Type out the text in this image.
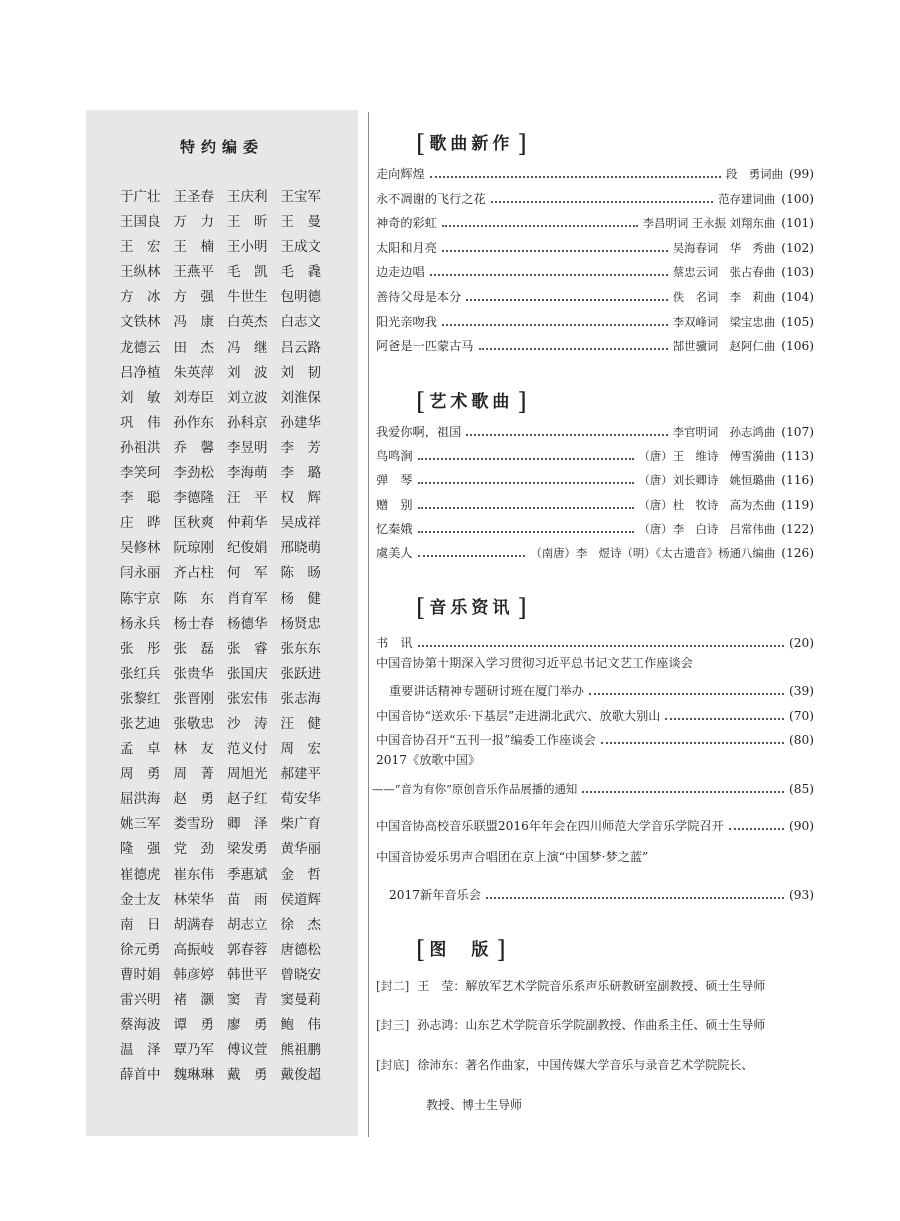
特约编委
于广壮 王圣春 王庆利 王宝军
王国良 万　力 王　昕 王　曼
王　宏 王　楠 王小明 王成文
王纵林 王燕平 毛　凯 毛　毳
方　冰 方　强 牛世生 包明德
文铁林 冯　康 白英杰 白志文
龙德云 田　杰 冯　继 吕云路
吕净植 朱英萍 刘　波 刘　韧
刘　敏 刘寿臣 刘立波 刘淮保
巩　伟 孙作东 孙科京 孙建华
孙祖洪 乔　馨 李昱明 李　芳
李笑珂 李劲松 李海萌 李　璐
李　聪 李德隆 汪　平 权　辉
庄　晔 匡秋爽 仲莉华 吴成祥
吴修林 阮琼刚 纪俊娟 邢晓萌
闫永丽 齐占柱 何　军 陈　旸
陈宇京 陈　东 肖育军 杨　健
杨永兵 杨士春 杨德华 杨贤忠
张　彤 张　磊 张　睿 张东东
张红兵 张贵华 张国庆 张跃进
张黎红 张晋刚 张宏伟 张志海
张艺迪 张敬忠 沙　涛 汪　健
孟　卓 林　友 范义付 周　宏
周　勇 周　菁 周旭光 郝建平
屈洪海 赵　勇 赵子红 荀安华
姚三军 娄雪玢 卿　泽 柴广育
隆　强 党　劲 梁发勇 黄华丽
崔德虎 崔东伟 季惠斌 金　哲
金士友 林荣华 苗　雨 侯道辉
南　日 胡满春 胡志立 徐　杰
徐元勇 高振岐 郭春蓉 唐德松
曹时娟 韩彦婷 韩世平 曾晓安
雷兴明 褚　灏 窦　青 窦曼莉
蔡海波 谭　勇 廖　勇 鲍　伟
温　泽 覃乃军 傅议萱 熊祖鹏
薛首中 魏琳琳 戴　勇 戴俊超
[ 歌曲新作 ]
[ 艺术歌曲 ]
[ 音乐资讯 ]
书　讯	(20)
中国音协第十期深入学习贯彻习近平总书记文艺工作座谈会
重要讲话精神专题研讨班在厦门举办	(39)
中国音协“送欢乐·下基层”走进湖北武穴、放歌大别山	(70)
中国音协召开“五刊一报”编委工作座谈会	(80)
2017《放歌中国》
——“音为有你”原创音乐作品展播的通知	(85)
中国音协高校音乐联盟2016年年会在四川师范大学音乐学院召开	(90)
中国音协爱乐男声合唱团在京上演“中国梦·梦之蓝”
2017新年音乐会	(93)
[ 图　版 ]
[封二] 王　莹：解放军艺术学院音乐系声乐研教研室副教授、硕士生导师
[封三] 孙志鸿：山东艺术学院音乐学院副教授、作曲系主任、硕士生导师
[封底] 徐沛东：著名作曲家，中国传媒大学音乐与录音艺术学院院长、
教授、博士生导师
走向辉煌	段　勇词曲 (99)
永不凋谢的飞行之花	范存建词曲 (100)
神奇的彩虹	李昌明词 王永振 刘翔东曲 (101)
太阳和月亮	吴海春词　华　秀曲 (102)
边走边唱	蔡忠云词　张占春曲 (103)
善待父母是本分	佚　名词　李　莉曲 (104)
阳光亲吻我	李双峰词　梁宝忠曲 (105)
阿爸是一匹蒙古马	郜世骥词　赵阿仁曲 (106)
我爱你啊，祖国	李官明词　孙志鸿曲 (107)
鸟鸣涧	（唐）王　维诗　傅雪漪曲 (113)
弹　琴	（唐）刘长卿诗　姚恒璐曲 (116)
赠　别	（唐）杜　牧诗　高为杰曲 (119)
忆秦娥	（唐）李　白诗　吕常伟曲 (122)
虞美人	（南唐）李　煜诗（明）《太古遗音》杨通八编曲 (126)
